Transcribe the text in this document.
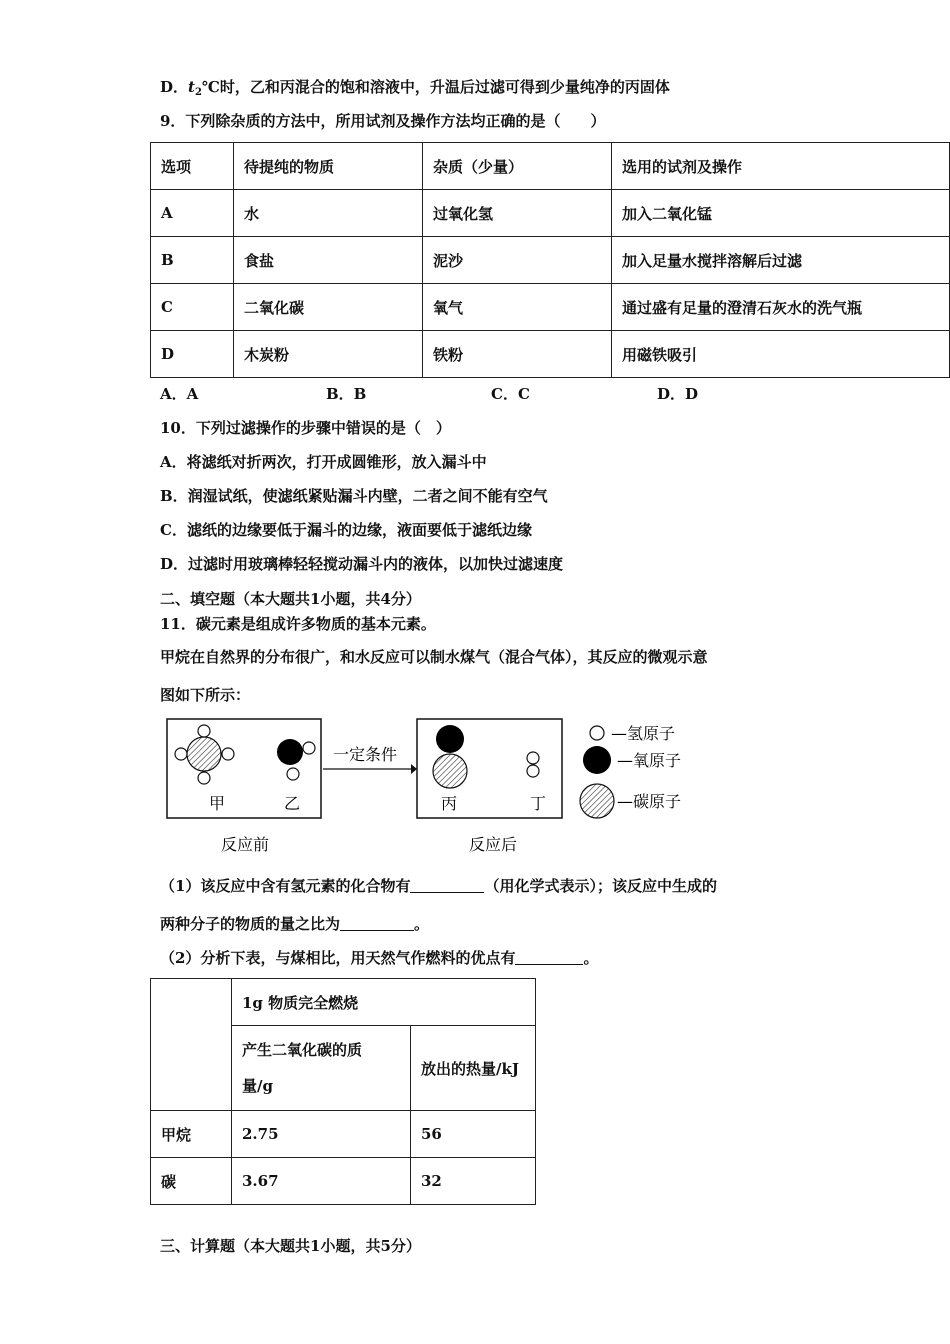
D．$t_2℃$时，乙和丙混合的饱和溶液中，升温后过滤可得到少量纯净的丙固体
9．下列除杂质的方法中，所用试剂及操作方法均正确的是（　　）
选项	待提纯的物质	杂质（少量）	选用的试剂及操作
A	水	过氧化氢	加入二氧化锰
B	食盐	泥沙	加入足量水搅拌溶解后过滤
C	二氧化碳	氧气	通过盛有足量的澄清石灰水的洗气瓶
D	木炭粉	铁粉	用磁铁吸引
A．A	B．B	C．C	D．D
10．下列过滤操作的步骤中错误的是（　）
A．将滤纸对折两次，打开成圆锥形，放入漏斗中
B．润湿试纸，使滤纸紧贴漏斗内壁，二者之间不能有空气
C．滤纸的边缘要低于漏斗的边缘，液面要低于滤纸边缘
D．过滤时用玻璃棒轻轻搅动漏斗内的液体，以加快过滤速度
二、填空题（本大题共1小题，共4分）
11．碳元素是组成许多物质的基本元素。
甲烷在自然界的分布很广，和水反应可以制水煤气（混合气体），其反应的微观示意
图如下所示：
甲	乙
一定条件
丙	丁
—氢原子
—氧原子
—碳原子
反应前	反应后
（1）该反应中含有氢元素的化合物有	（用化学式表示）；该反应中生成的
两种分子的物质的量之比为	。
（2）分析下表，与煤相比，用天然气作燃料的优点有	。
	1g 物质完全燃烧	

	产生二氧化碳的质
量/g	放出的热量/kJ
甲烷	2.75	56
碳	3.67	32
三、计算题（本大题共1小题，共5分）
